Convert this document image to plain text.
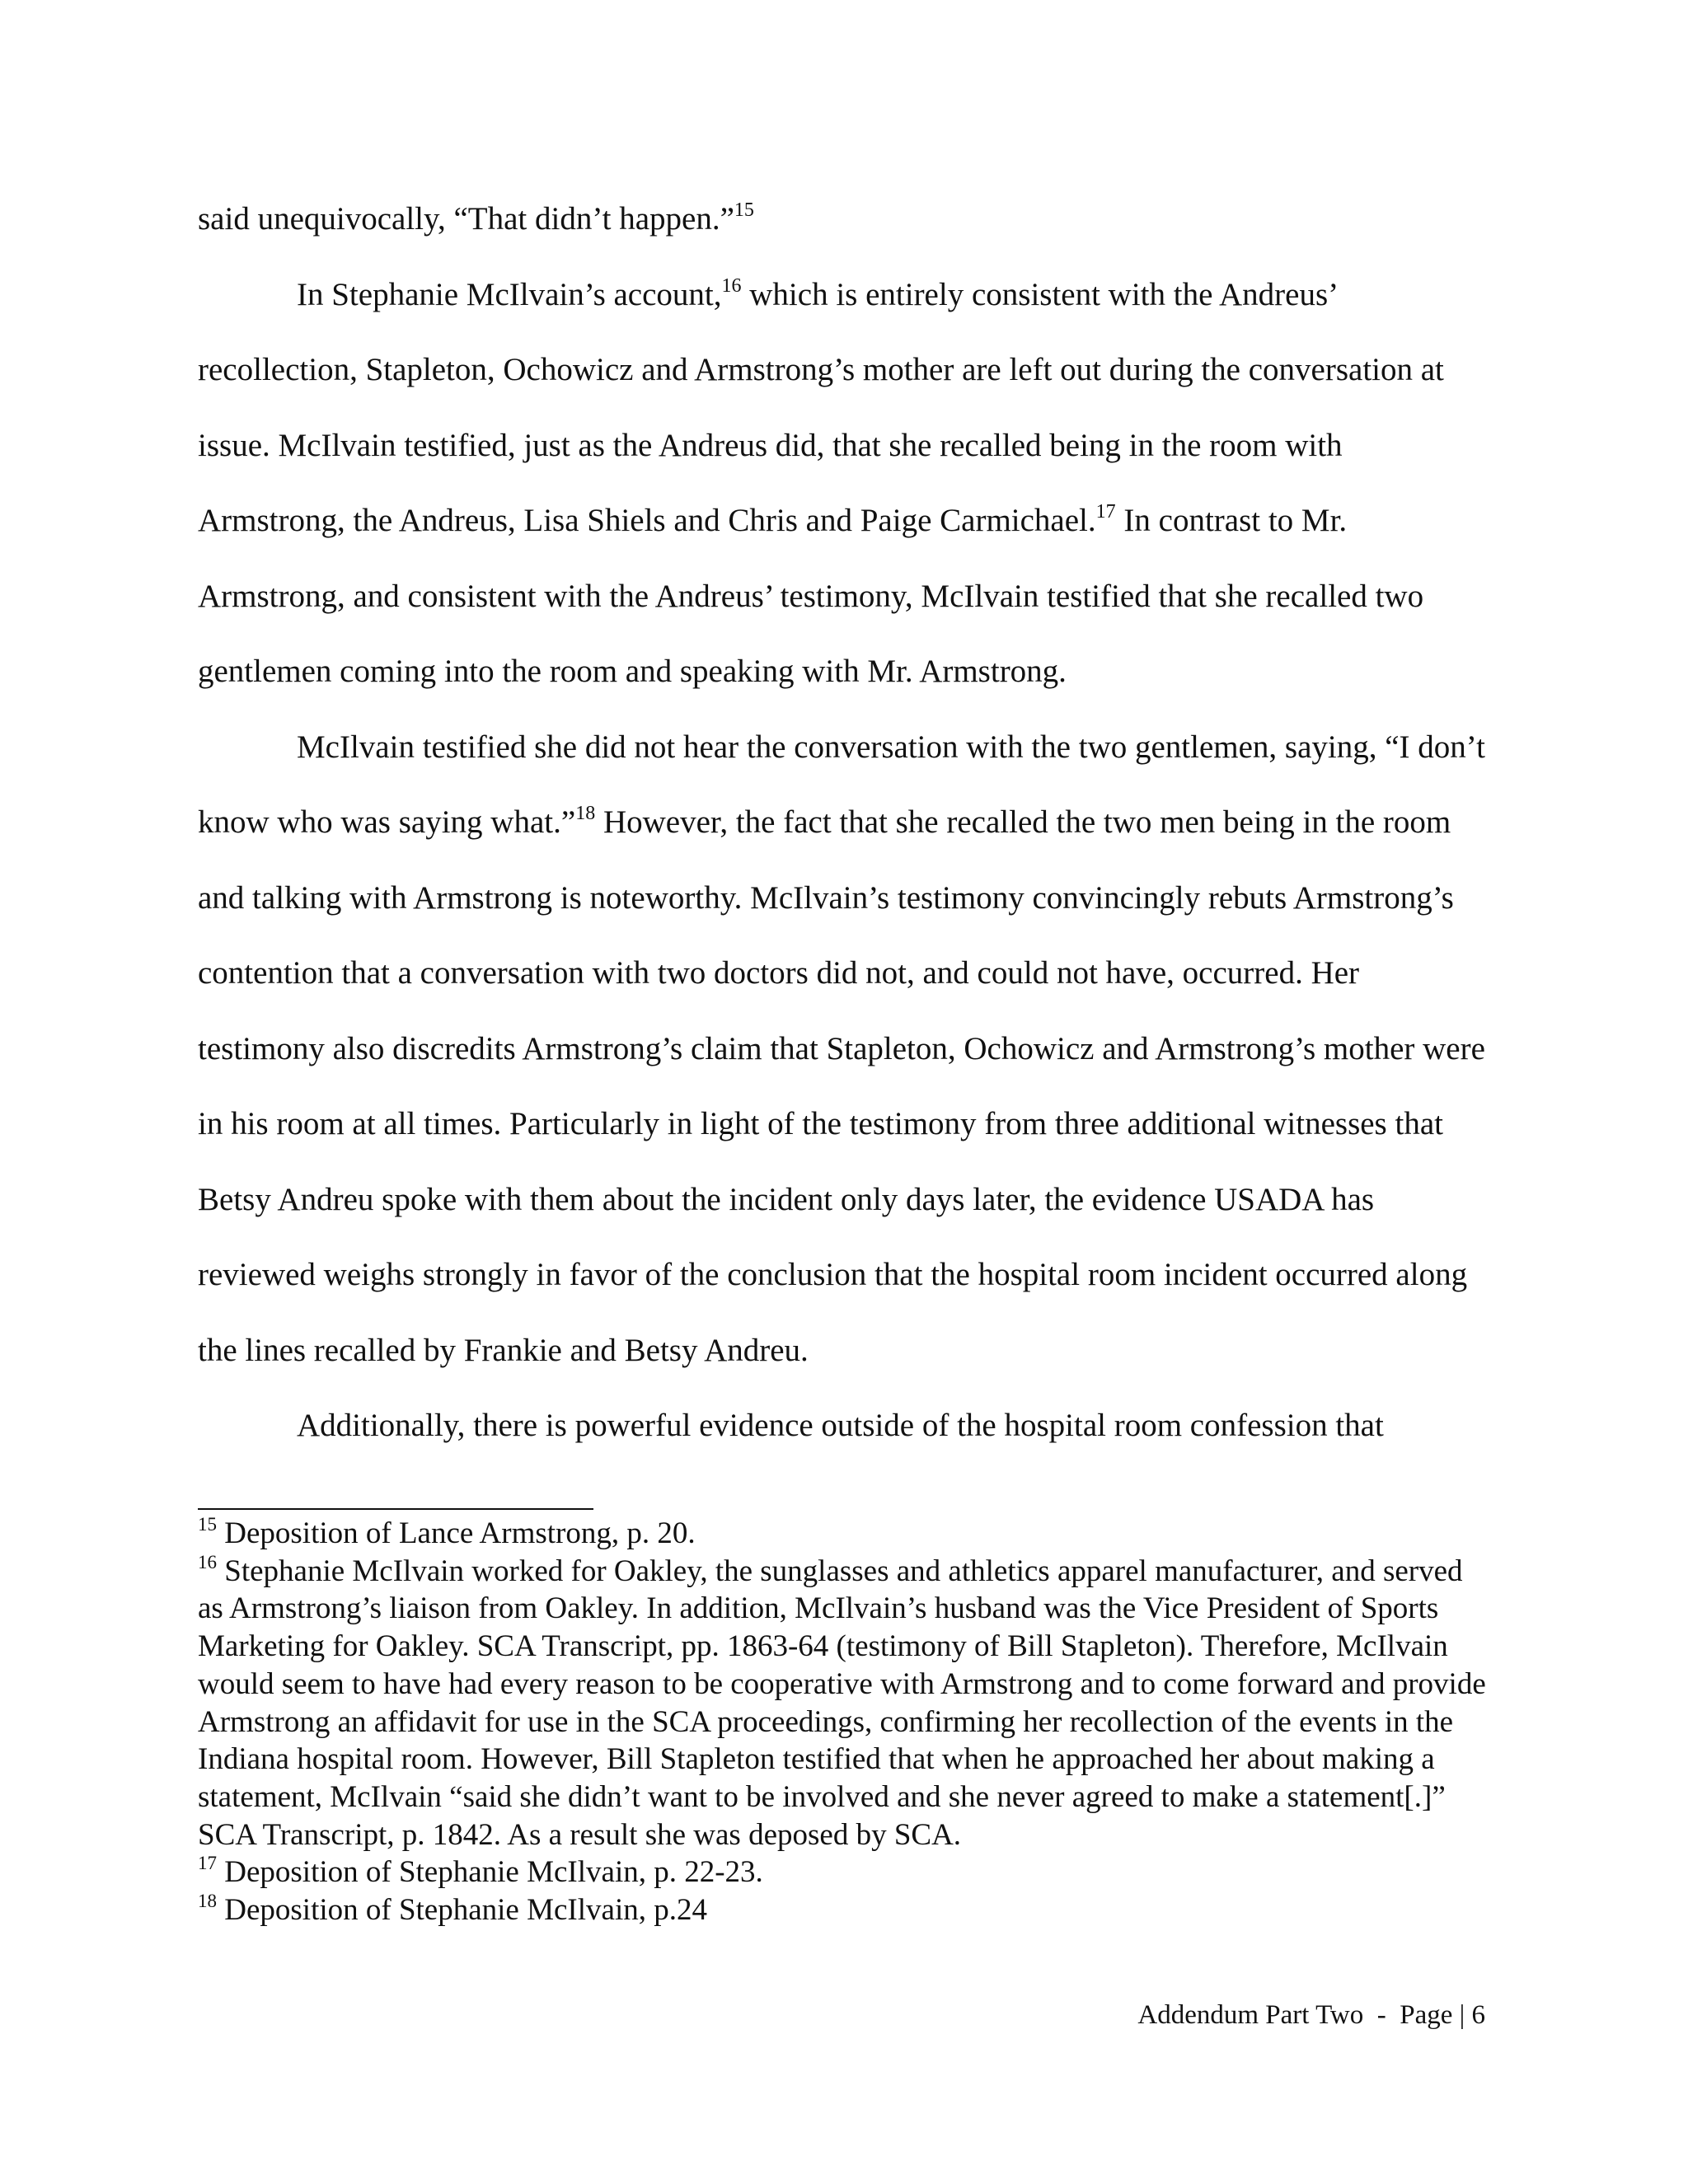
said unequivocally, “That didn’t happen.”$^{15}$

In Stephanie McIlvain’s account,$^{16}$ which is entirely consistent with the Andreus’ recollection, Stapleton, Ochowicz and Armstrong’s mother are left out during the conversation at issue. McIlvain testified, just as the Andreus did, that she recalled being in the room with Armstrong, the Andreus, Lisa Shiels and Chris and Paige Carmichael.$^{17}$ In contrast to Mr. Armstrong, and consistent with the Andreus’ testimony, McIlvain testified that she recalled two gentlemen coming into the room and speaking with Mr. Armstrong.

McIlvain testified she did not hear the conversation with the two gentlemen, saying, “I don’t know who was saying what.”$^{18}$ However, the fact that she recalled the two men being in the room and talking with Armstrong is noteworthy. McIlvain’s testimony convincingly rebuts Armstrong’s contention that a conversation with two doctors did not, and could not have, occurred. Her testimony also discredits Armstrong’s claim that Stapleton, Ochowicz and Armstrong’s mother were in his room at all times. Particularly in light of the testimony from three additional witnesses that Betsy Andreu spoke with them about the incident only days later, the evidence USADA has reviewed weighs strongly in favor of the conclusion that the hospital room incident occurred along the lines recalled by Frankie and Betsy Andreu.

Additionally, there is powerful evidence outside of the hospital room confession that

$^{15}$ Deposition of Lance Armstrong, p. 20.

$^{16}$ Stephanie McIlvain worked for Oakley, the sunglasses and athletics apparel manufacturer, and served as Armstrong’s liaison from Oakley. In addition, McIlvain’s husband was the Vice President of Sports Marketing for Oakley. SCA Transcript, pp. 1863-64 (testimony of Bill Stapleton). Therefore, McIlvain would seem to have had every reason to be cooperative with Armstrong and to come forward and provide Armstrong an affidavit for use in the SCA proceedings, confirming her recollection of the events in the Indiana hospital room. However, Bill Stapleton testified that when he approached her about making a statement, McIlvain “said she didn’t want to be involved and she never agreed to make a statement[.]” SCA Transcript, p. 1842. As a result she was deposed by SCA.

$^{17}$ Deposition of Stephanie McIlvain, p. 22-23.

$^{18}$ Deposition of Stephanie McIlvain, p.24

Addendum Part Two  -  Page | 6
